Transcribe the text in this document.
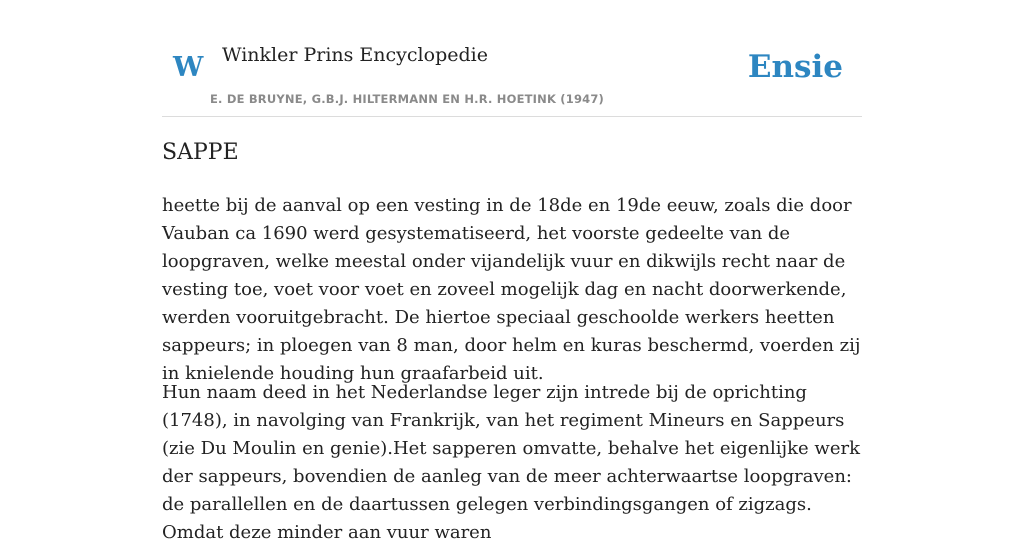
W Winkler Prins Encyclopedie
E. DE BRUYNE, G.B.J. HILTERMANN EN H.R. HOETINK (1947)
Ensie
SAPPE

heette bij de aanval op een vesting in de 18de en 19de eeuw, zoals die door Vauban ca 1690 werd gesystematiseerd, het voorste gedeelte van de loopgraven, welke meestal onder vijandelijk vuur en dikwijls recht naar de vesting toe, voet voor voet en zoveel mogelijk dag en nacht doorwerkende, werden vooruitgebracht. De hiertoe speciaal geschoolde werkers heetten sappeurs; in ploegen van 8 man, door helm en kuras beschermd, voerden zij in knielende houding hun graafarbeid uit.

Hun naam deed in het Nederlandse leger zijn intrede bij de oprichting (1748), in navolging van Frankrijk, van het regiment Mineurs en Sappeurs (zie Du Moulin en genie).Het sapperen omvatte, behalve het eigenlijke werk der sappeurs, bovendien de aanleg van de meer achterwaartse loopgraven: de parallellen en de daartussen gelegen verbindingsgangen of zigzags. Omdat deze minder aan vuur waren
